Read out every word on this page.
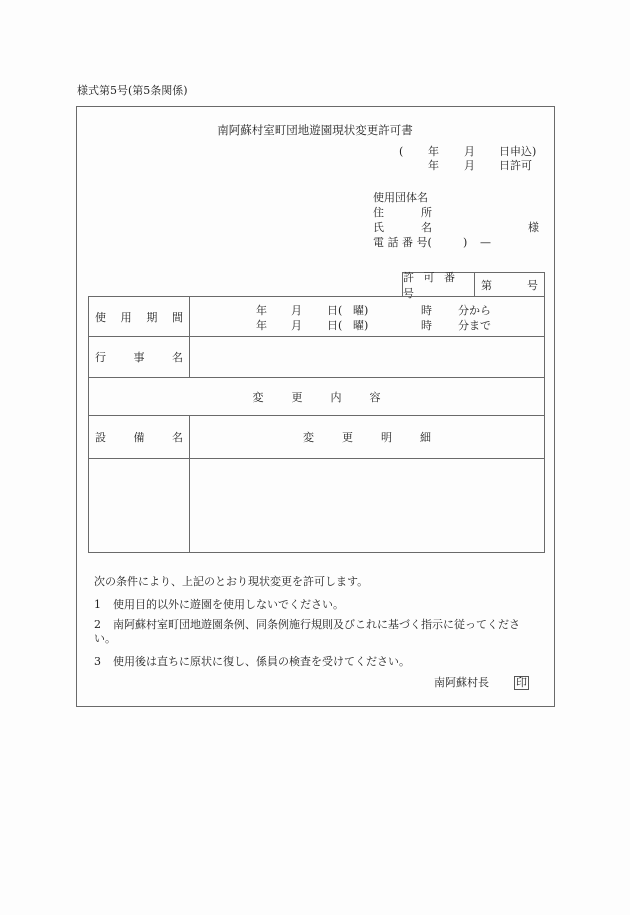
様式第5号(第5条関係)
南阿蘇村室町団地遊園現状変更許可書
( 年 月 日申込)
年 月 日許可
使用団体名
住	所
氏	名	様
電 話 番 号(	) —
許 可 番 号
第	号
使 用 期 間	年 月 日( 曜)	時 分から
年 月 日( 曜)	時 分まで

行 事 名	

変 更 内 容	

設 備 名	変 更 明 細

次の条件により、上記のとおり現状変更を許可します。
1 使用目的以外に遊園を使用しないでください。
2 南阿蘇村室町団地遊園条例、同条例施行規則及びこれに基づく指示に従ってくださ
い。
3 使用後は直ちに原状に復し、係員の検査を受けてください。
南阿蘇村長 印
